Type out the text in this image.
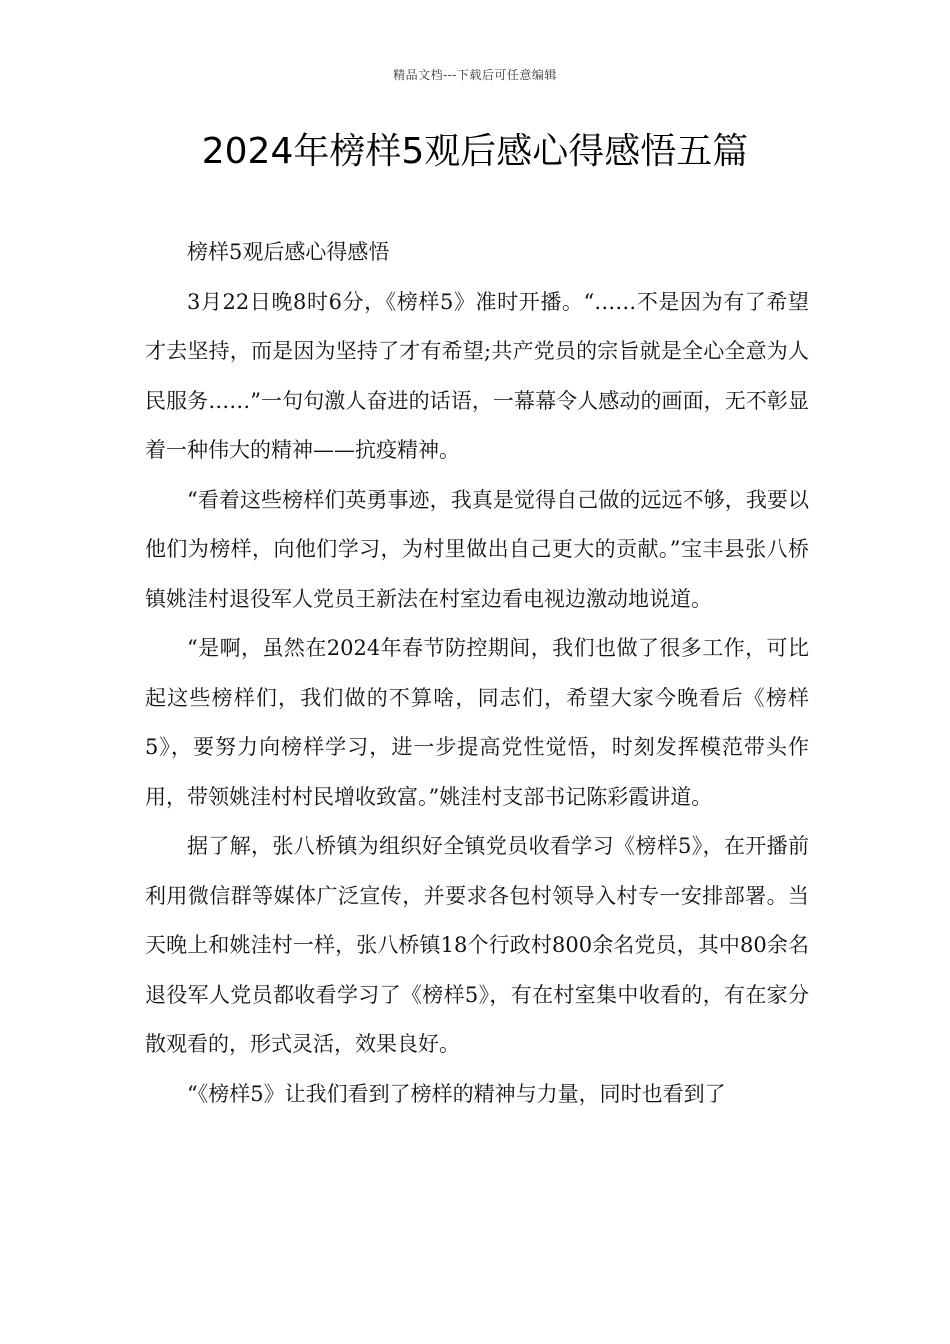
精品文档---下载后可任意编辑
2024年榜样5观后感心得感悟五篇

榜样5观后感心得感悟

3月22日晚8时6分，《榜样5》准时开播。“……不是因为有了希望才去坚持，而是因为坚持了才有希望;共产党员的宗旨就是全心全意为人民服务……”一句句激人奋进的话语，一幕幕令人感动的画面，无不彰显着一种伟大的精神——抗疫精神。

“看着这些榜样们英勇事迹，我真是觉得自己做的远远不够，我要以他们为榜样，向他们学习，为村里做出自己更大的贡献。”宝丰县张八桥镇姚洼村退役军人党员王新法在村室边看电视边激动地说道。

“是啊，虽然在2024年春节防控期间，我们也做了很多工作，可比起这些榜样们，我们做的不算啥，同志们，希望大家今晚看后《榜样5》，要努力向榜样学习，进一步提高党性觉悟，时刻发挥模范带头作用，带领姚洼村村民增收致富。”姚洼村支部书记陈彩霞讲道。

据了解，张八桥镇为组织好全镇党员收看学习《榜样5》，在开播前利用微信群等媒体广泛宣传，并要求各包村领导入村专一安排部署。当天晚上和姚洼村一样，张八桥镇18个行政村800余名党员，其中80余名退役军人党员都收看学习了《榜样5》，有在村室集中收看的，有在家分散观看的，形式灵活，效果良好。

“《榜样5》让我们看到了榜样的精神与力量，同时也看到了
